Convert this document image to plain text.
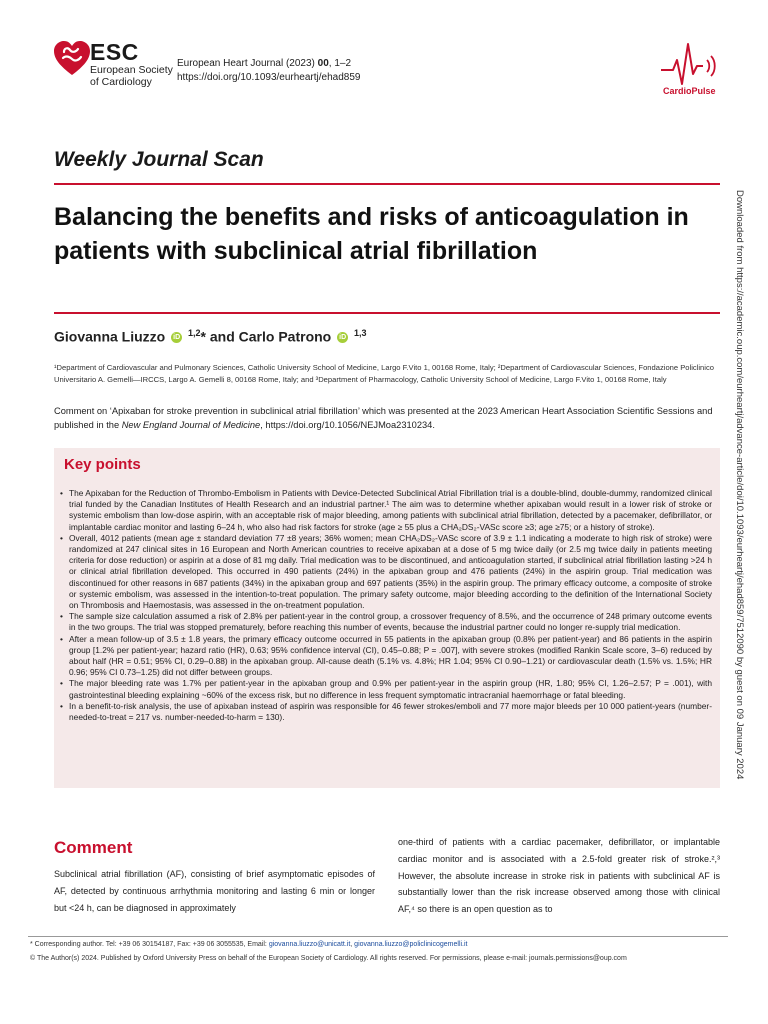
ESC
European Society
of Cardiology
European Heart Journal (2023) 00, 1–2
https://doi.org/10.1093/eurheartj/ehad859
CardioPulse
Weekly Journal Scan
Balancing the benefits and risks of anticoagulation in patients with subclinical atrial fibrillation
Giovanna Liuzzo iD $^{1,2}$* and Carlo Patrono iD $^{1,3}$
¹Department of Cardiovascular and Pulmonary Sciences, Catholic University School of Medicine, Largo F.Vito 1, 00168 Rome, Italy; ²Department of Cardiovascular Sciences, Fondazione Policlinico Universitario A. Gemelli—IRCCS, Largo A. Gemelli 8, 00168 Rome, Italy; and ³Department of Pharmacology, Catholic University School of Medicine, Largo F.Vito 1, 00168 Rome, Italy
Comment on ‘Apixaban for stroke prevention in subclinical atrial fibrillation’ which was presented at the 2023 American Heart Association Scientific Sessions and published in the New England Journal of Medicine, https://doi.org/10.1056/NEJMoa2310234.	Downloaded from https://academic.oup.com/eurheartj/advance-article/doi/10.1093/eurheartj/ehad859/7512090 by guest on 09 January 2024
Key points
• The Apixaban for the Reduction of Thrombo-Embolism in Patients with Device-Detected Subclinical Atrial Fibrillation trial is a double-blind, double-dummy, randomized clinical trial funded by the Canadian Institutes of Health Research and an industrial partner.¹ The aim was to determine whether apixaban would result in a lower risk of stroke or systemic embolism than low-dose aspirin, with an acceptable risk of major bleeding, among patients with subclinical atrial fibrillation, detected by a pacemaker, defibrillator, or implantable cardiac monitor and lasting 6–24 h, who also had risk factors for stroke (age ≥ 55 plus a CHA₂DS₂-VASc score ≥3; age ≥75; or a history of stroke).
• Overall, 4012 patients (mean age ± standard deviation 77 ±8 years; 36% women; mean CHA₂DS₂-VASc score of 3.9 ± 1.1 indicating a moderate to high risk of stroke) were randomized at 247 clinical sites in 16 European and North American countries to receive apixaban at a dose of 5 mg twice daily (or 2.5 mg twice daily in patients meeting criteria for dose reduction) or aspirin at a dose of 81 mg daily. Trial medication was to be discontinued, and anticoagulation started, if subclinical atrial fibrillation lasting >24 h or clinical atrial fibrillation developed. This occurred in 490 patients (24%) in the apixaban group and 476 patients (24%) in the aspirin group. Trial medication was discontinued for other reasons in 687 patients (34%) in the apixaban group and 697 patients (35%) in the aspirin group. The primary efficacy outcome, a composite of stroke or systemic embolism, was assessed in the intention-to-treat population. The primary safety outcome, major bleeding according to the definition of the International Society on Thrombosis and Haemostasis, was assessed in the on-treatment population.
• The sample size calculation assumed a risk of 2.8% per patient-year in the control group, a crossover frequency of 8.5%, and the occurrence of 248 primary outcome events in the two groups. The trial was stopped prematurely, before reaching this number of events, because the industrial partner could no longer re-supply trial medication.
• After a mean follow-up of 3.5 ± 1.8 years, the primary efficacy outcome occurred in 55 patients in the apixaban group (0.8% per patient-year) and 86 patients in the aspirin group [1.2% per patient-year; hazard ratio (HR), 0.63; 95% confidence interval (CI), 0.45–0.88; P = .007], with severe strokes (modified Rankin Scale score, 3–6) reduced by about half (HR = 0.51; 95% CI, 0.29–0.88) in the apixaban group. All-cause death (5.1% vs. 4.8%; HR 1.04; 95% CI 0.90–1.21) or cardiovascular death (1.5% vs. 1.5%; HR 0.96; 95% CI 0.73–1.25) did not differ between groups.
• The major bleeding rate was 1.7% per patient-year in the apixaban group and 0.9% per patient-year in the aspirin group (HR, 1.80; 95% CI, 1.26–2.57; P = .001), with gastrointestinal bleeding explaining ~60% of the excess risk, but no difference in less frequent symptomatic intracranial haemorrhage or fatal bleeding.
• In a benefit-to-risk analysis, the use of apixaban instead of aspirin was responsible for 46 fewer strokes/emboli and 77 more major bleeds per 10 000 patient-years (number-needed-to-treat = 217 vs. number-needed-to-harm = 130).
Comment
Subclinical atrial fibrillation (AF), consisting of brief asymptomatic episodes of AF, detected by continuous arrhythmia monitoring and lasting 6 min or longer but <24 h, can be diagnosed in approximately
one-third of patients with a cardiac pacemaker, defibrillator, or implantable cardiac monitor and is associated with a 2.5-fold greater risk of stroke.²,³ However, the absolute increase in stroke risk in patients with subclinical AF is substantially lower than the risk increase observed among those with clinical AF,⁴ so there is an open question as to
* Corresponding author. Tel: +39 06 30154187, Fax: +39 06 3055535, Email: giovanna.liuzzo@unicatt.it, giovanna.liuzzo@policlinicogemelli.it
© The Author(s) 2024. Published by Oxford University Press on behalf of the European Society of Cardiology. All rights reserved. For permissions, please e-mail: journals.permissions@oup.com
